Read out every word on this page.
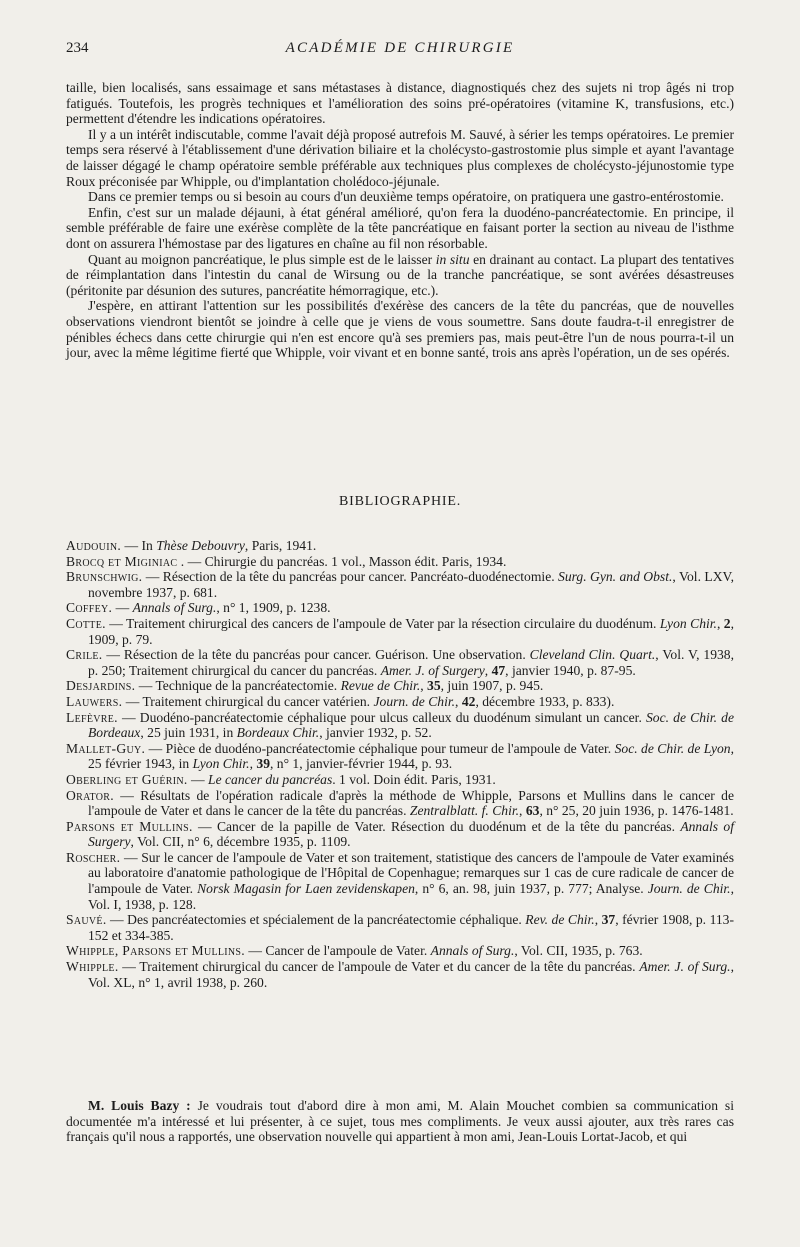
234	ACADÉMIE DE CHIRURGIE

taille, bien localisés, sans essaimage et sans métastases à distance, diagnostiqués chez des sujets ni trop âgés ni trop fatigués. Toutefois, les progrès techniques et l'amélioration des soins pré-opératoires (vitamine K, transfusions, etc.) permettent d'étendre les indications opératoires.

Il y a un intérêt indiscutable, comme l'avait déjà proposé autrefois M. Sauvé, à sérier les temps opératoires. Le premier temps sera réservé à l'établissement d'une dérivation biliaire et la cholécysto-gastrostomie plus simple et ayant l'avantage de laisser dégagé le champ opératoire semble préférable aux techniques plus complexes de cholécysto-jéjunostomie type Roux préconisée par Whipple, ou d'implantation cholédoco-jéjunale.

Dans ce premier temps ou si besoin au cours d'un deuxième temps opératoire, on pratiquera une gastro-entérostomie.

Enfin, c'est sur un malade déjauni, à état général amélioré, qu'on fera la duodéno-pancréatectomie. En principe, il semble préférable de faire une exérèse complète de la tête pancréatique en faisant porter la section au niveau de l'isthme dont on assurera l'hémostase par des ligatures en chaîne au fil non résorbable.

Quant au moignon pancréatique, le plus simple est de le laisser in situ en drainant au contact. La plupart des tentatives de réimplantation dans l'intestin du canal de Wirsung ou de la tranche pancréatique, se sont avérées désastreuses (péritonite par désunion des sutures, pancréatite hémorragique, etc.).

J'espère, en attirant l'attention sur les possibilités d'exérèse des cancers de la tête du pancréas, que de nouvelles observations viendront bientôt se joindre à celle que je viens de vous soumettre. Sans doute faudra-t-il enregistrer de pénibles échecs dans cette chirurgie qui n'en est encore qu'à ses premiers pas, mais peut-être l'un de nous pourra-t-il un jour, avec la même légitime fierté que Whipple, voir vivant et en bonne santé, trois ans après l'opération, un de ses opérés.

BIBLIOGRAPHIE.

Audouin. — In Thèse Debouvry, Paris, 1941.

Brocq et Miginiac . — Chirurgie du pancréas. 1 vol., Masson édit. Paris, 1934.

Brunschwig. — Résection de la tête du pancréas pour cancer. Pancréato-duodénectomie. Surg. Gyn. and Obst., Vol. LXV, novembre 1937, p. 681.

Coffey. — Annals of Surg., n° 1, 1909, p. 1238.

Cotte. — Traitement chirurgical des cancers de l'ampoule de Vater par la résection circulaire du duodénum. Lyon Chir., 2, 1909, p. 79.

Crile. — Résection de la tête du pancréas pour cancer. Guérison. Une observation. Cleveland Clin. Quart., Vol. V, 1938, p. 250; Traitement chirurgical du cancer du pancréas. Amer. J. of Surgery, 47, janvier 1940, p. 87-95.

Desjardins. — Technique de la pancréatectomie. Revue de Chir., 35, juin 1907, p. 945.

Lauwers. — Traitement chirurgical du cancer vatérien. Journ. de Chir., 42, décembre 1933, p. 833).

Lefèvre. — Duodéno-pancréatectomie céphalique pour ulcus calleux du duodénum simulant un cancer. Soc. de Chir. de Bordeaux, 25 juin 1931, in Bordeaux Chir., janvier 1932, p. 52.

Mallet-Guy. — Pièce de duodéno-pancréatectomie céphalique pour tumeur de l'ampoule de Vater. Soc. de Chir. de Lyon, 25 février 1943, in Lyon Chir., 39, n° 1, janvier-février 1944, p. 93.

Oberling et Guérin. — Le cancer du pancréas. 1 vol. Doin édit. Paris, 1931.

Orator. — Résultats de l'opération radicale d'après la méthode de Whipple, Parsons et Mullins dans le cancer de l'ampoule de Vater et dans le cancer de la tête du pancréas. Zentralblatt. f. Chir., 63, n° 25, 20 juin 1936, p. 1476-1481.

Parsons et Mullins. — Cancer de la papille de Vater. Résection du duodénum et de la tête du pancréas. Annals of Surgery, Vol. CII, n° 6, décembre 1935, p. 1109.

Roscher. — Sur le cancer de l'ampoule de Vater et son traitement, statistique des cancers de l'ampoule de Vater examinés au laboratoire d'anatomie pathologique de l'Hôpital de Copenhague; remarques sur 1 cas de cure radicale de cancer de l'ampoule de Vater. Norsk Magasin for Laen zevidenskapen, n° 6, an. 98, juin 1937, p. 777; Analyse. Journ. de Chir., Vol. I, 1938, p. 128.

Sauvé. — Des pancréatectomies et spécialement de la pancréatectomie céphalique. Rev. de Chir., 37, février 1908, p. 113-152 et 334-385.

Whipple, Parsons et Mullins. — Cancer de l'ampoule de Vater. Annals of Surg., Vol. CII, 1935, p. 763.

Whipple. — Traitement chirurgical du cancer de l'ampoule de Vater et du cancer de la tête du pancréas. Amer. J. of Surg., Vol. XL, n° 1, avril 1938, p. 260.

M. Louis Bazy : Je voudrais tout d'abord dire à mon ami, M. Alain Mouchet combien sa communication si documentée m'a intéressé et lui présenter, à ce sujet, tous mes compliments. Je veux aussi ajouter, aux très rares cas français qu'il nous a rapportés, une observation nouvelle qui appartient à mon ami, Jean-Louis Lortat-Jacob, et qui
